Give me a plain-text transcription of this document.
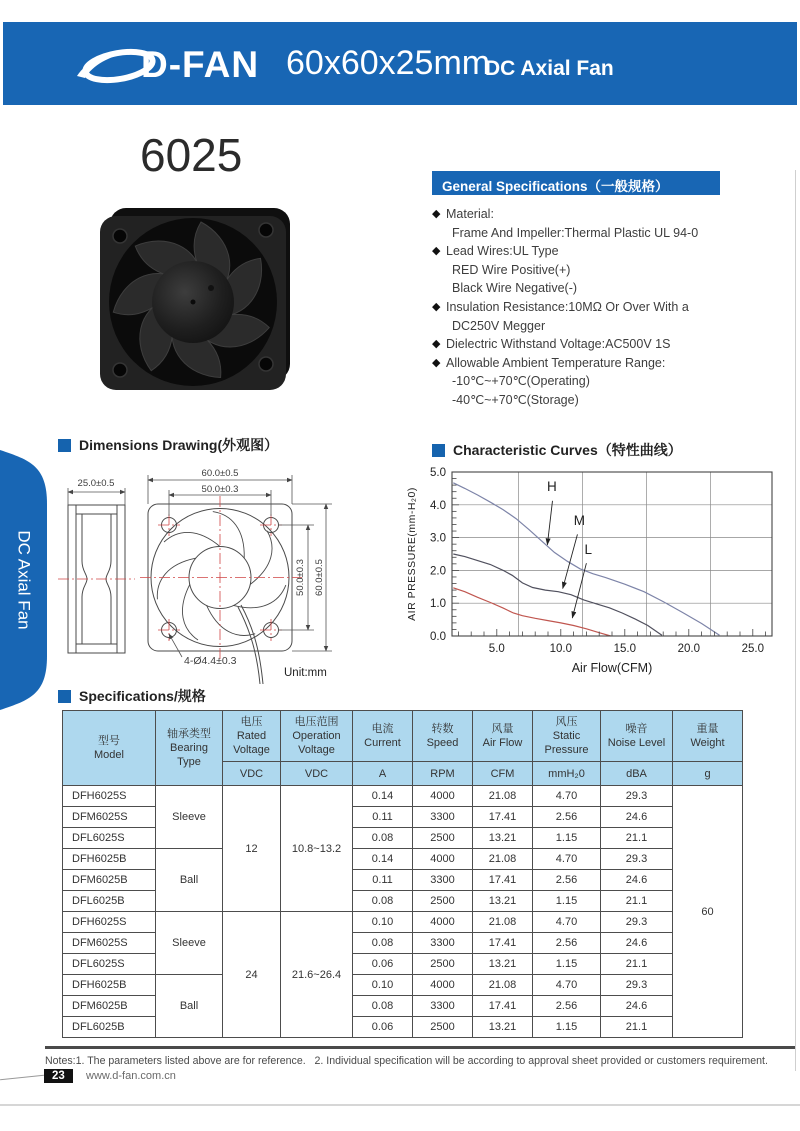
D-FAN 60x60x25mm
DC Axial Fan
6025
General Specifications（一般规格）
◆ Material:
Frame And Impeller:Thermal Plastic UL 94-0
◆ Lead Wires:UL Type
RED Wire Positive(+)
Black Wire Negative(-)
◆ Insulation Resistance:10MΩ Or Over With a
DC250V Megger
◆ Dielectric Withstand Voltage:AC500V 1S
◆ Allowable Ambient Temperature Range:
-10℃~+70℃(Operating)
-40℃~+70℃(Storage)
Dimensions Drawing(外观图）	Characteristic Curves（特性曲线）
Specifications/规格
DC Axial Fan
25.0±0.5
60.0±0.5
50.0±0.3
50.0±0.3 60.0±0.5
4-Ø4.4±0.3
Unit:mm
5.0	10.0	15.0	20.0	25.0
0.0
1.0
2.0
3.0
4.0
5.0
H
M
L
AIR PRESSURE(mm-H₂0)
Air Flow(CFM)
型号
Model

轴承类型
Bearing Type

电压
Rated Voltage

电压范围
Operation Voltage

电流
Current

转数
Speed

风量
Air Flow

风压
Static Pressure

噪音
Noise Level

重量
Weight

		VDC	VDC	A	RPM	CFM	mmH₂0	dBA	g
DFH6025S	Sleeve	12	10.8~13.2	0.14	4000	21.08	4.70	29.3	60
DFM6025S				0.11	3300	17.41	2.56	24.6	
DFL6025S				0.08	2500	13.21	1.15	21.1	
DFH6025B	Ball			0.14	4000	21.08	4.70	29.3	
DFM6025B				0.11	3300	17.41	2.56	24.6	
DFL6025B				0.08	2500	13.21	1.15	21.1	
DFH6025S	Sleeve	24	21.6~26.4	0.10	4000	21.08	4.70	29.3	
DFM6025S				0.08	3300	17.41	2.56	24.6	
DFL6025S				0.06	2500	13.21	1.15	21.1	
DFH6025B	Ball			0.10	4000	21.08	4.70	29.3	
DFM6025B				0.08	3300	17.41	2.56	24.6	
DFL6025B				0.06	2500	13.21	1.15	21.1	
Notes:1. The parameters listed above are for reference.   2. Individual specification will be according to approval sheet provided or customers requirement.
23	www.d-fan.com.cn
